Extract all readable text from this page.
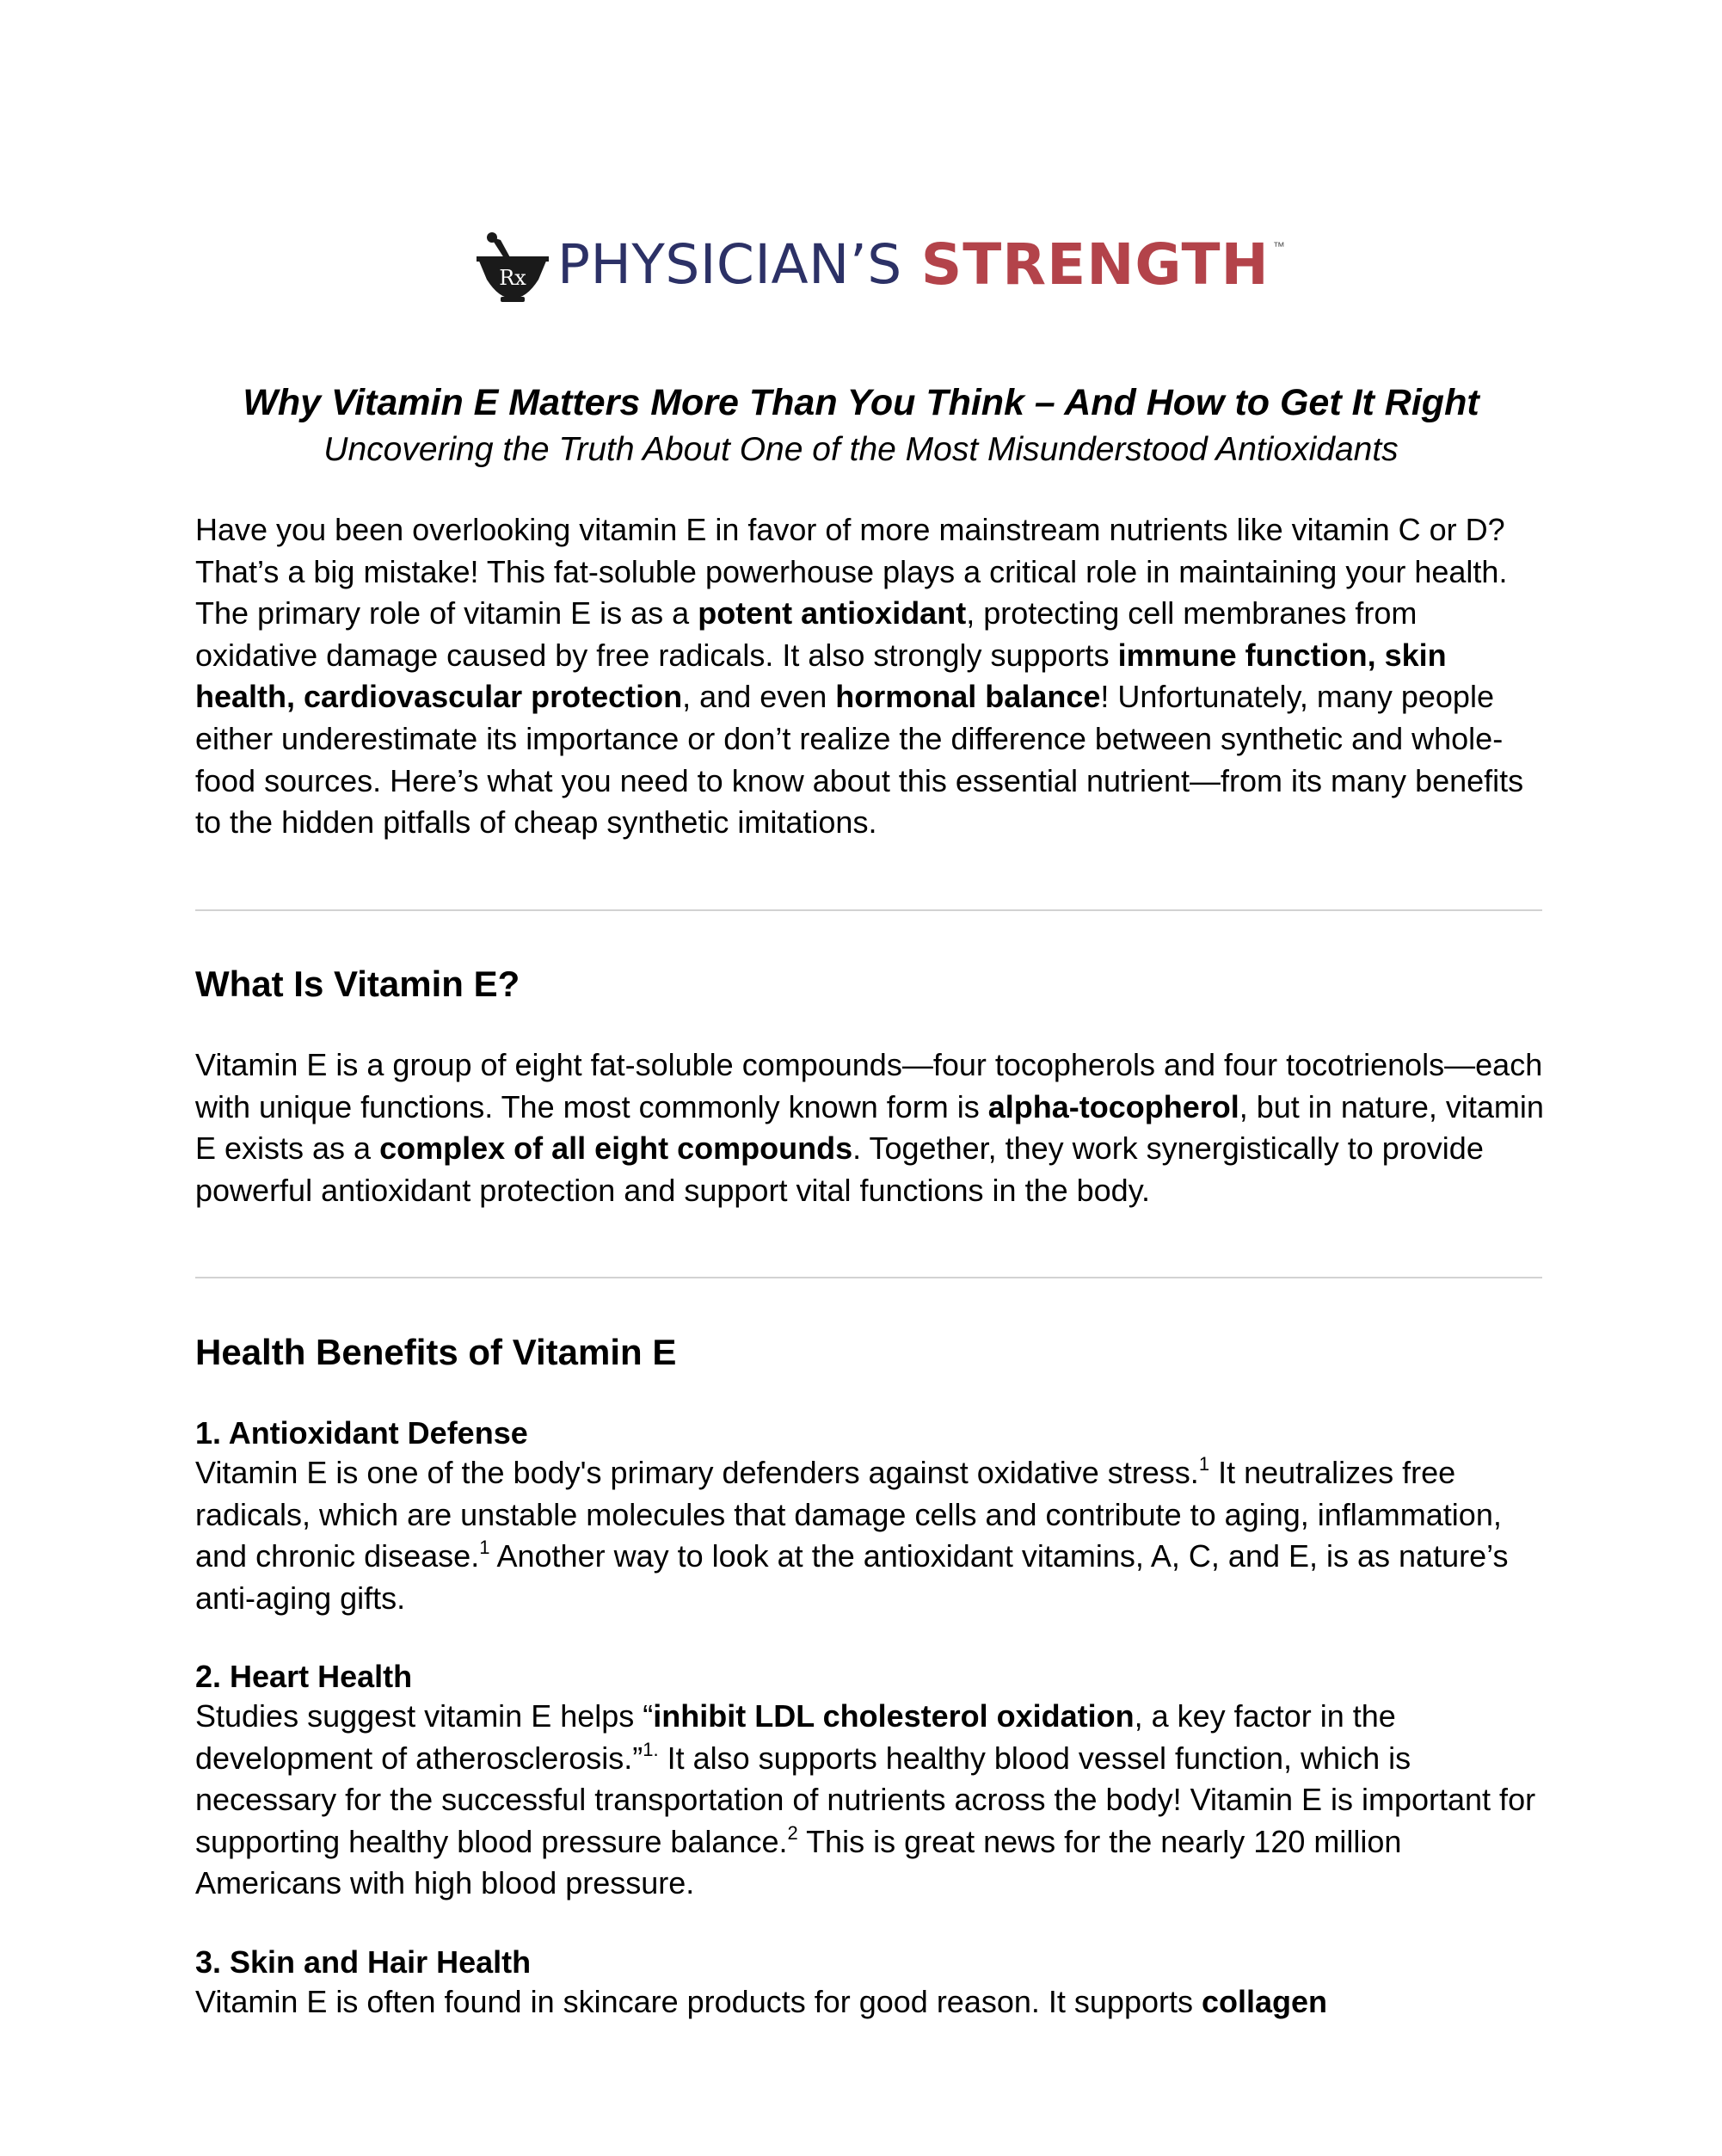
Rx PHYSICIAN’S STRENGTH ™
Why Vitamin E Matters More Than You Think – And How to Get It Right
Uncovering the Truth About One of the Most Misunderstood Antioxidants

Have you been overlooking vitamin E in favor of more mainstream nutrients like vitamin C or D? That’s a big mistake! This fat-soluble powerhouse plays a critical role in maintaining your health. The primary role of vitamin E is as a potent antioxidant, protecting cell membranes from oxidative damage caused by free radicals. It also strongly supports immune function, skin health, cardiovascular protection, and even hormonal balance! Unfortunately, many people either underestimate its importance or don’t realize the difference between synthetic and whole-food sources. Here’s what you need to know about this essential nutrient—from its many benefits to the hidden pitfalls of cheap synthetic imitations.

What Is Vitamin E?

Vitamin E is a group of eight fat-soluble compounds—four tocopherols and four tocotrienols—each with unique functions. The most commonly known form is alpha-tocopherol, but in nature, vitamin E exists as a complex of all eight compounds. Together, they work synergistically to provide powerful antioxidant protection and support vital functions in the body.

Health Benefits of Vitamin E
1. Antioxidant Defense

Vitamin E is one of the body's primary defenders against oxidative stress.$^1$ It neutralizes free radicals, which are unstable molecules that damage cells and contribute to aging, inflammation, and chronic disease.$^1$ Another way to look at the antioxidant vitamins, A, C, and E, is as nature’s anti-aging gifts.

2. Heart Health

Studies suggest vitamin E helps “inhibit LDL cholesterol oxidation, a key factor in the development of atherosclerosis.”$^{1.}$ It also supports healthy blood vessel function, which is necessary for the successful transportation of nutrients across the body! Vitamin E is important for supporting healthy blood pressure balance.$^2$ This is great news for the nearly 120 million Americans with high blood pressure.

3. Skin and Hair Health

Vitamin E is often found in skincare products for good reason. It supports collagen
